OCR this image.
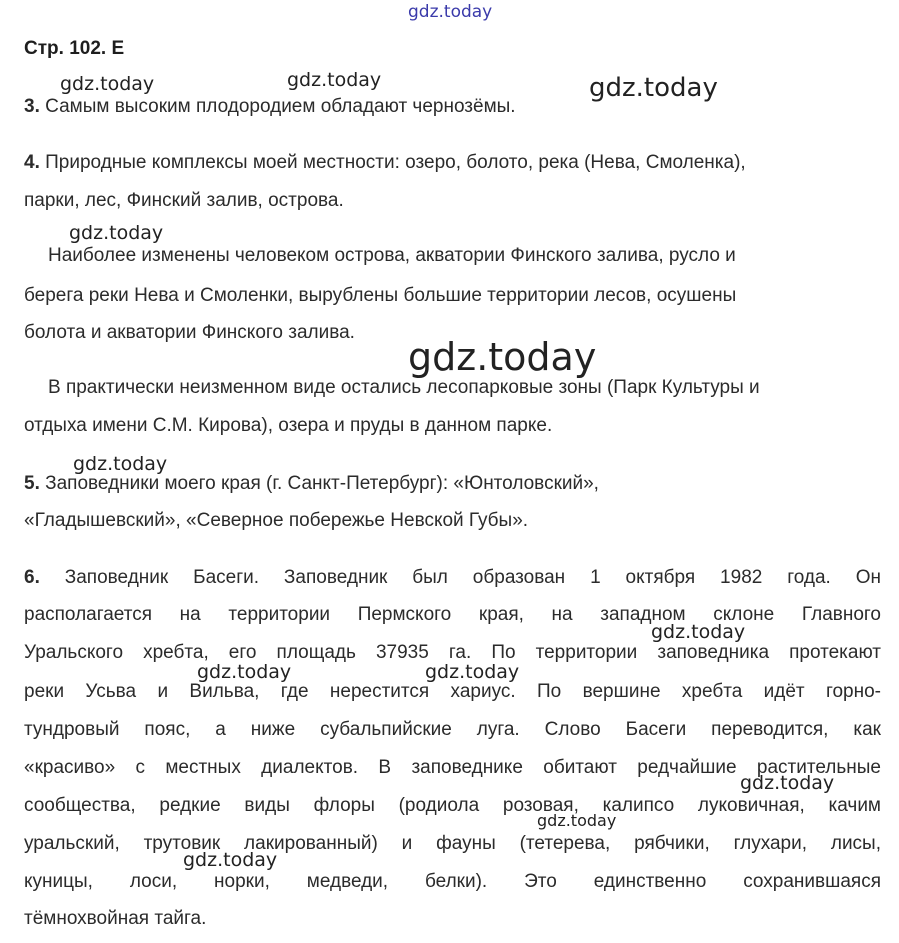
gdz.today
gdz.today	gdz.today	gdz.today
gdz.today
gdz.today
gdz.today
gdz.today
gdz.today	gdz.today
gdz.today
gdz.today
gdz.today
Стр. 102. Е
3. Самым высоким плодородием обладают чернозёмы.
4. Природные комплексы моей местности: озеро, болото, река (Нева, Смоленка),
парки, лес, Финский залив, острова.
Наиболее изменены человеком острова, акватории Финского залива, русло и
берега реки Нева и Смоленки, вырублены большие территории лесов, осушены
болота и акватории Финского залива.
В практически неизменном виде остались лесопарковые зоны (Парк Культуры и
отдыха имени С.М. Кирова), озера и пруды в данном парке.
5. Заповедники моего края (г. Санкт-Петербург): «Юнтоловский»,
«Гладышевский», «Северное побережье Невской Губы».
6. Заповедник Басеги. Заповедник был образован 1 октября 1982 года. Он
располагается на территории Пермского края, на западном склоне Главного
Уральского хребта, его площадь 37935 га. По территории заповедника протекают
реки Усьва и Вильва, где нерестится хариус. По вершине хребта идёт горно-
тундровый пояс, а ниже субальпийские луга. Слово Басеги переводится, как
«красиво» с местных диалектов. В заповеднике обитают редчайшие растительные
сообщества, редкие виды флоры (родиола розовая, калипсо луковичная, качим
уральский, трутовик лакированный) и фауны (тетерева, рябчики, глухари, лисы,
куницы, лоси, норки, медведи, белки). Это единственно сохранившаяся
тёмнохвойная тайга.
